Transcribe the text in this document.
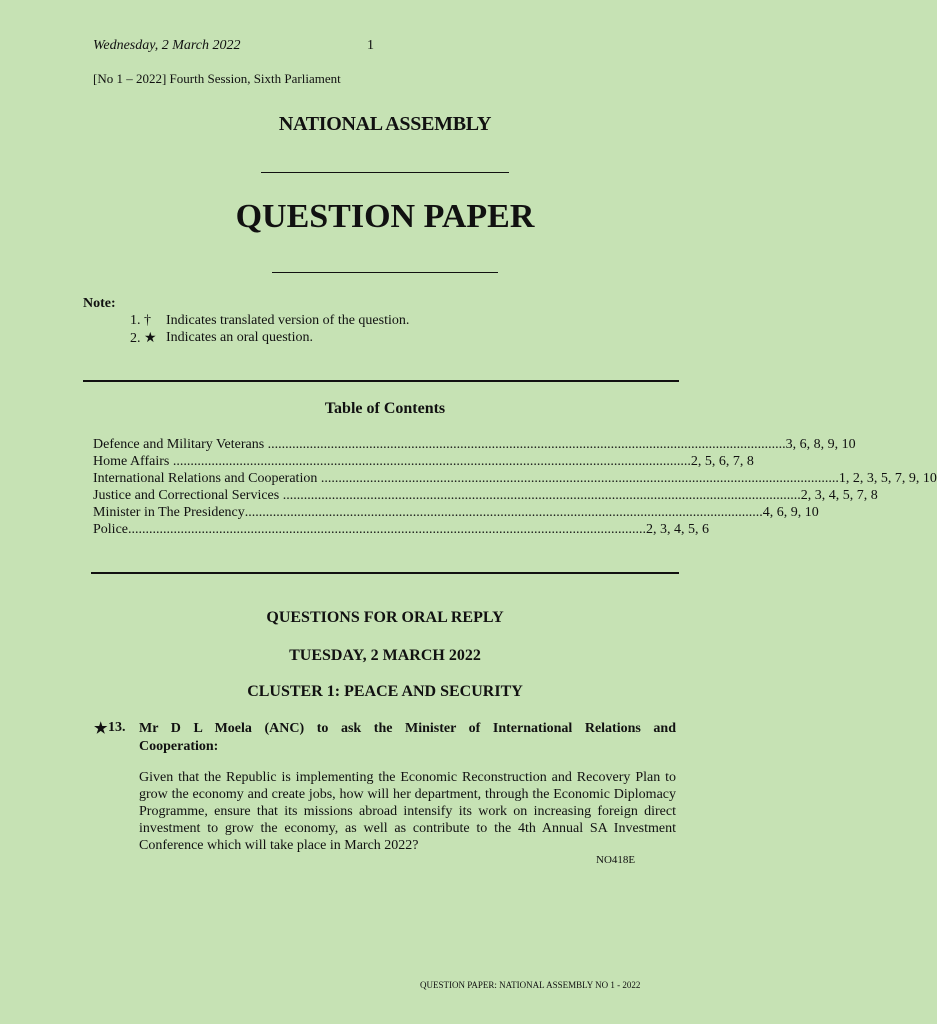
Wednesday, 2 March 2022	1
[No 1 – 2022] Fourth Session, Sixth Parliament
NATIONAL ASSEMBLY
QUESTION PAPER
Note:
1. †	Indicates translated version of the question.
2. ★ Indicates an oral question.
Table of Contents
Defence and Military Veterans .................................................................................................................................................... 3, 6, 8, 9, 10
Home Affairs .................................................................................................................................................... 2, 5, 6, 7, 8
International Relations and Cooperation .................................................................................................................................................... 1, 2, 3, 5, 7, 9, 10
Justice and Correctional Services .................................................................................................................................................... 2, 3, 4, 5, 7, 8
Minister in The Presidency .................................................................................................................................................... 4, 6, 9, 10
Police .................................................................................................................................................... 2, 3, 4, 5, 6
QUESTIONS FOR ORAL REPLY
TUESDAY, 2 MARCH 2022
CLUSTER 1: PEACE AND SECURITY
★ 13. Mr D L Moela (ANC) to ask the Minister of International Relations and Cooperation:
Given that the Republic is implementing the Economic Reconstruction and Recovery Plan to grow the economy and create jobs, how will her department, through the Economic Diplomacy Programme, ensure that its missions abroad intensify its work on increasing foreign direct investment to grow the economy, as well as contribute to the 4th Annual SA Investment Conference which will take place in March 2022?
NO418E
QUESTION PAPER: NATIONAL ASSEMBLY NO 1 - 2022
